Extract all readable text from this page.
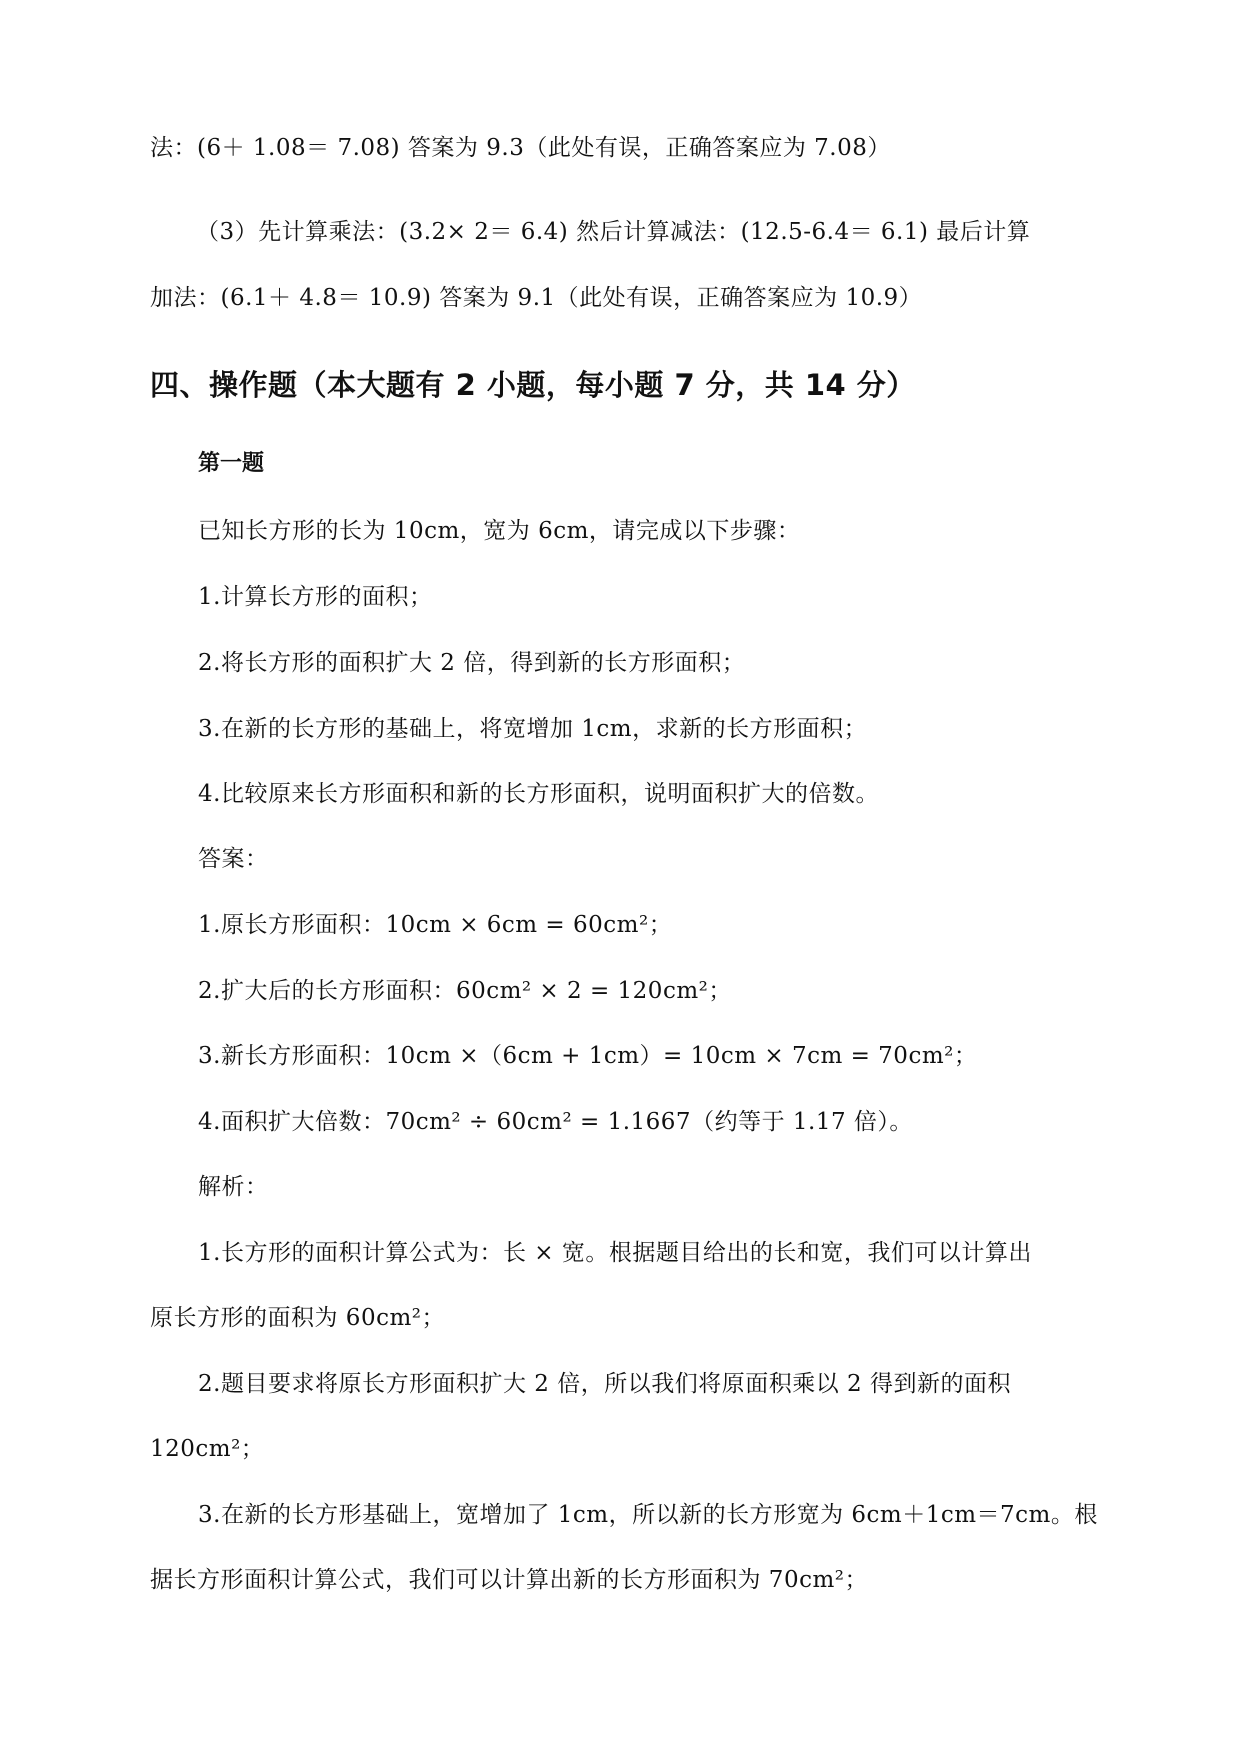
法：(6＋ 1.08＝ 7.08) 答案为 9.3（此处有误，正确答案应为 7.08）
（3）先计算乘法：(3.2× 2＝ 6.4) 然后计算减法：(12.5-6.4＝ 6.1) 最后计算
加法：(6.1＋ 4.8＝ 10.9) 答案为 9.1（此处有误，正确答案应为 10.9）
四、操作题（本大题有 2 小题，每小题 7 分，共 14 分）
第一题
已知长方形的长为 10cm，宽为 6cm，请完成以下步骤：
1.计算长方形的面积；
2.将长方形的面积扩大 2 倍，得到新的长方形面积；
3.在新的长方形的基础上，将宽增加 1cm，求新的长方形面积；
4.比较原来长方形面积和新的长方形面积，说明面积扩大的倍数。
答案：
1.原长方形面积：10cm × 6cm = 60cm²；
2.扩大后的长方形面积：60cm² × 2 = 120cm²；
3.新长方形面积：10cm ×（6cm + 1cm）= 10cm × 7cm = 70cm²；
4.面积扩大倍数：70cm² ÷ 60cm² = 1.1667（约等于 1.17 倍）。
解析：
1.长方形的面积计算公式为：长 × 宽。根据题目给出的长和宽，我们可以计算出
原长方形的面积为 60cm²；
2.题目要求将原长方形面积扩大 2 倍，所以我们将原面积乘以 2 得到新的面积
120cm²；
3.在新的长方形基础上，宽增加了 1cm，所以新的长方形宽为 6cm＋1cm＝7cm。根
据长方形面积计算公式，我们可以计算出新的长方形面积为 70cm²；
